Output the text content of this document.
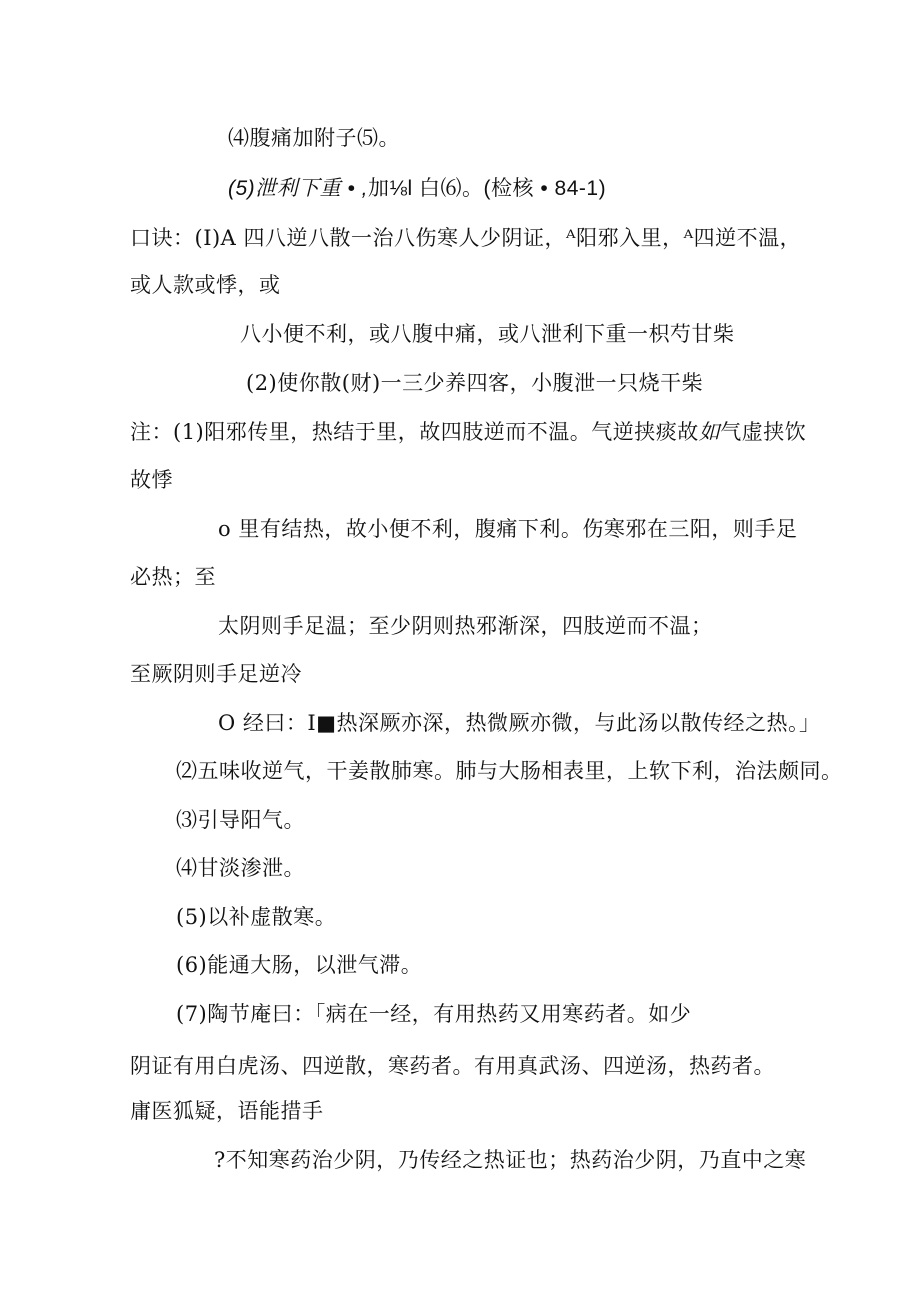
⑷腹痛加附子⑸。
(5)泄利下重 • ,加⅛l 白⑹。(检核 • 84-1)
口诀：(I)A 四八逆八散一治八伤寒人少阴证，ᴬ阳邪入里，ᴬ四逆不温，
或人款或悸，或
八小便不利，或八腹中痛，或八泄利下重一枳芍甘柴
(2)使你散(财)一三少养四客，小腹泄一只烧干柴
注：(1)阳邪传里，热结于里，故四肢逆而不温。气逆挟痰故如气虚挟饮
故悸
o 里有结热，故小便不利，腹痛下利。伤寒邪在三阳，则手足
必热；至
太阴则手足温；至少阴则热邪渐深，四肢逆而不温；
至厥阴则手足逆冷
O 经曰：I■热深厥亦深，热微厥亦微，与此汤以散传经之热。」
⑵五味收逆气，干姜散肺寒。肺与大肠相表里，上软下利，治法颇同。
⑶引导阳气。
⑷甘淡渗泄。
(5)以补虚散寒。
(6)能通大肠，以泄气滞。
(7)陶节庵曰：「病在一经，有用热药又用寒药者。如少
阴证有用白虎汤、四逆散，寒药者。有用真武汤、四逆汤，热药者。
庸医狐疑，语能措手
?不知寒药治少阴，乃传经之热证也；热药治少阴，乃直中之寒
